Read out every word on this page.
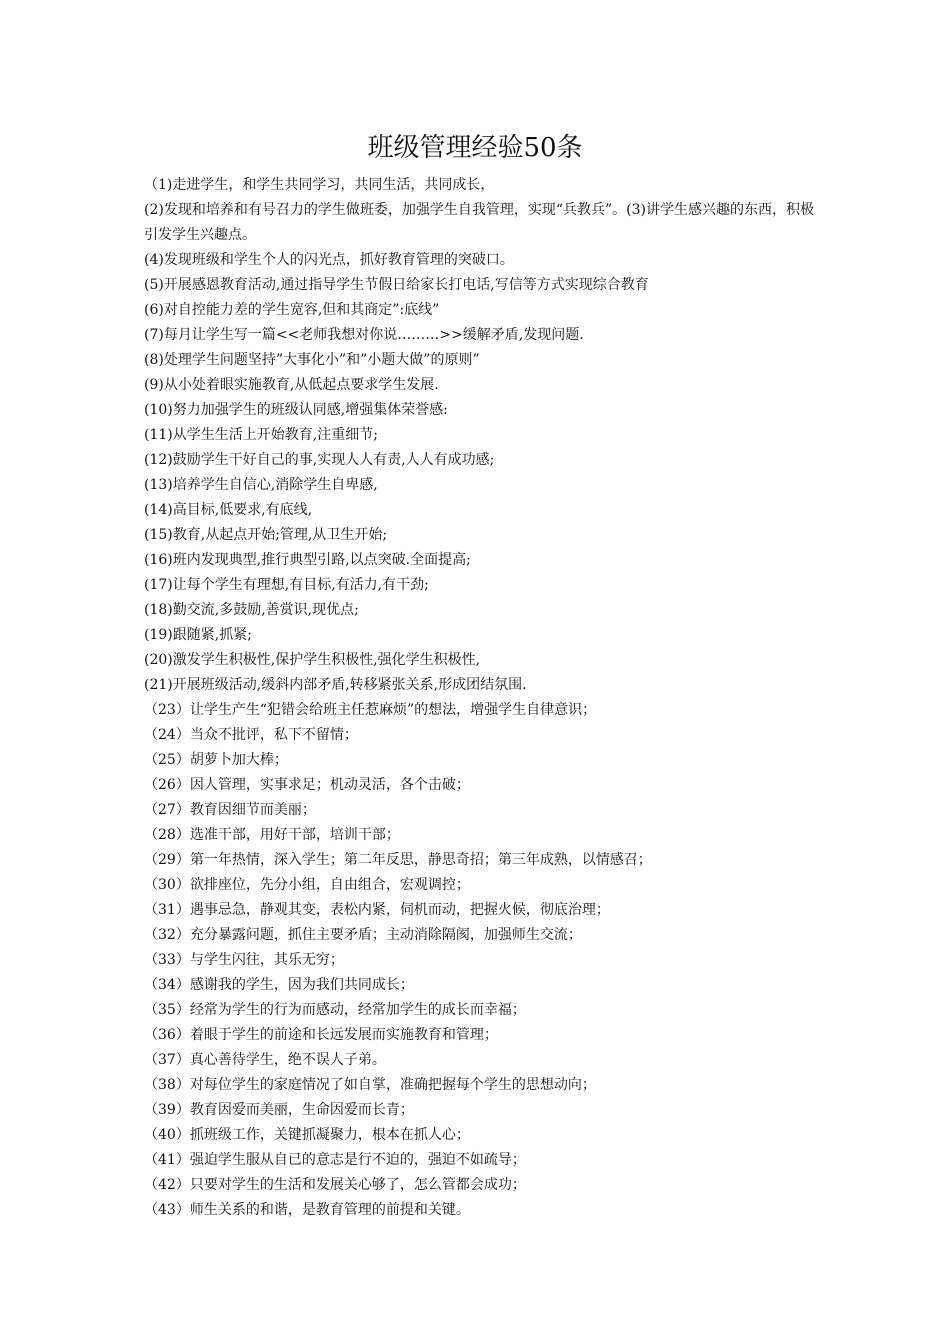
班级管理经验50条

（1)走进学生，和学生共同学习，共同生活，共同成长，

(2)发现和培养和有号召力的学生做班委，加强学生自我管理，实现“兵教兵”。(3)讲学生感兴趣的东西，积极引发学生兴趣点。

(4)发现班级和学生个人的闪光点，抓好教育管理的突破口。

(5)开展感恩教育活动,通过指导学生节假日给家长打电话,写信等方式实现综合教育

(6)对自控能力差的学生宽容,但和其商定”:底线”

(7)每月让学生写一篇<<老师我想对你说………>>缓解矛盾,发现问题.

(8)处理学生问题坚持”大事化小”和”小题大做”的原则”

(9)从小处着眼实施教育,从低起点要求学生发展.

(10)努力加强学生的班级认同感,增强集体荣誉感:

(11)从学生生活上开始教育,注重细节;

(12)鼓励学生干好自己的事,实现人人有责,人人有成功感;

(13)培养学生自信心,消除学生自卑感,

(14)高目标,低要求,有底线,

(15)教育,从起点开始;管理,从卫生开始;

(16)班内发现典型,推行典型引路,以点突破.全面提高;

(17)让每个学生有理想,有目标,有活力,有干劲;

(18)勤交流,多鼓励,善赏识,现优点;

(19)跟随紧,抓紧;

(20)激发学生积极性,保护学生积极性,强化学生积极性,

(21)开展班级活动,缓斜内部矛盾,转移紧张关系,形成团结氛围.

（23）让学生产生“犯错会给班主任惹麻烦”的想法，增强学生自律意识；

（24）当众不批评，私下不留情；

（25）胡萝卜加大棒；

（26）因人管理，实事求足；机动灵活，各个击破；

（27）教育因细节而美丽；

（28）选准干部，用好干部，培训干部；

（29）第一年热情，深入学生；第二年反思，静思奇招；第三年成熟，以情感召；

（30）欲排座位，先分小组，自由组合，宏观调控；

（31）遇事忌急，静观其变，表松内紧，伺机而动，把握火候，彻底治理；

（32）充分暴露问题，抓住主要矛盾；主动消除隔阂，加强师生交流；

（33）与学生闪往，其乐无穷；

（34）感谢我的学生，因为我们共同成长；

（35）经常为学生的行为而感动，经常加学生的成长而幸福；

（36）着眼于学生的前途和长远发展而实施教育和管理；

（37）真心善待学生，绝不误人子弟。

（38）对每位学生的家庭情况了如自掌，准确把握每个学生的思想动向；

（39）教育因爱而美丽，生命因爱而长青；

（40）抓班级工作，关键抓凝聚力，根本在抓人心；

（41）强迫学生服从自已的意志是行不迫的，强迫不如疏导；

（42）只要对学生的生活和发展关心够了，怎么管都会成功；

（43）师生关系的和谐，是教育管理的前提和关键。
